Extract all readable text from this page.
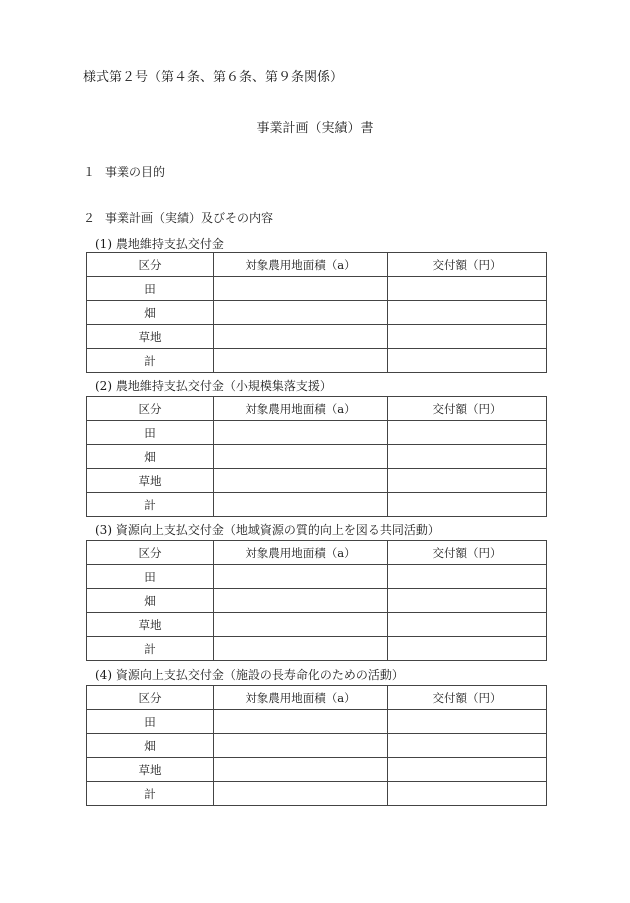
様式第２号（第４条、第６条、第９条関係）
事業計画（実績）書
１ 事業の目的
２ 事業計画（実績）及びその内容
(1) 農地維持支払交付金
区分	対象農用地面積（a）	交付額（円）
田		
畑		
草地		
計		
(2) 農地維持支払交付金（小規模集落支援）
区分	対象農用地面積（a）	交付額（円）
田		
畑		
草地		
計		
(3) 資源向上支払交付金（地域資源の質的向上を図る共同活動）
区分	対象農用地面積（a）	交付額（円）
田		
畑		
草地		
計		
(4) 資源向上支払交付金（施設の長寿命化のための活動）
区分	対象農用地面積（a）	交付額（円）
田		
畑		
草地		
計		
